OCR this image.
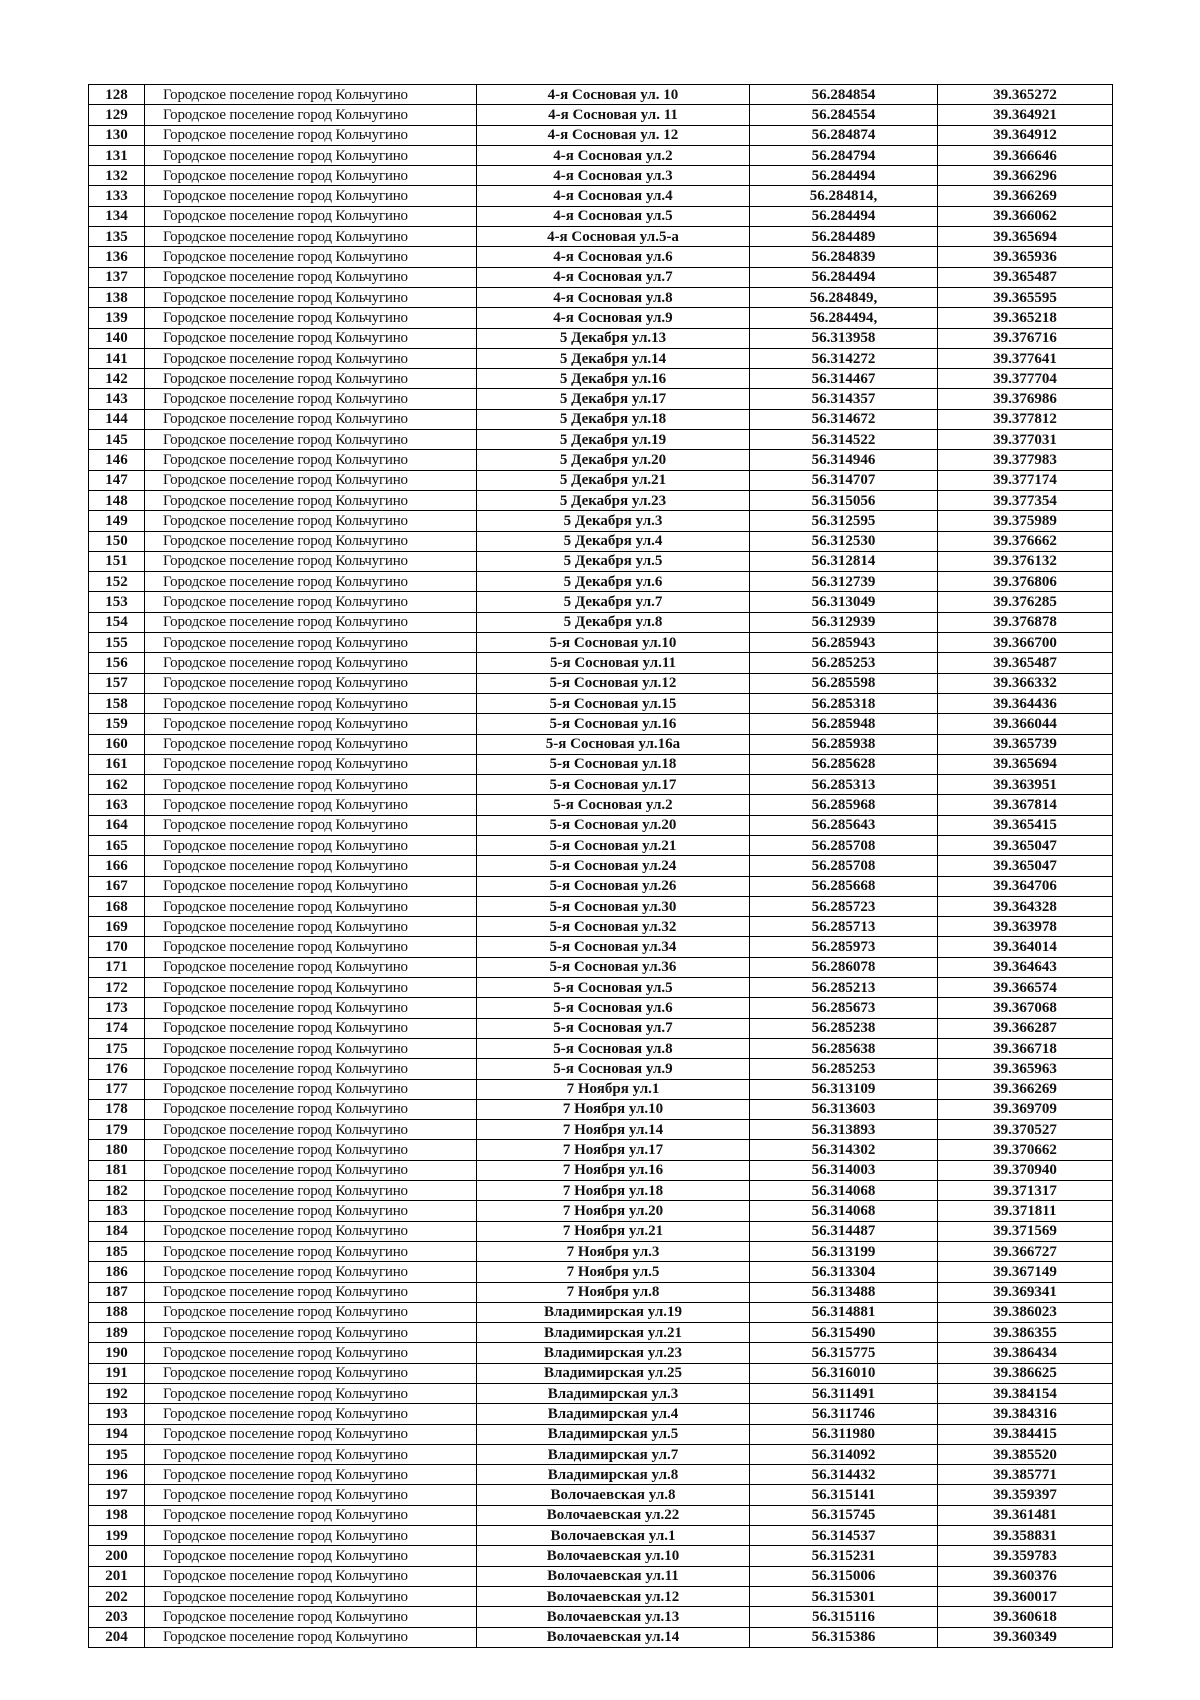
128	Городское поселение город Кольчугино	4-я Сосновая ул. 10	56.284854	39.365272
129	Городское поселение город Кольчугино	4-я Сосновая ул. 11	56.284554	39.364921
130	Городское поселение город Кольчугино	4-я Сосновая ул. 12	56.284874	39.364912
131	Городское поселение город Кольчугино	4-я Сосновая ул.2	56.284794	39.366646
132	Городское поселение город Кольчугино	4-я Сосновая ул.3	56.284494	39.366296
133	Городское поселение город Кольчугино	4-я Сосновая ул.4	56.284814,	39.366269
134	Городское поселение город Кольчугино	4-я Сосновая ул.5	56.284494	39.366062
135	Городское поселение город Кольчугино	4-я Сосновая ул.5-а	56.284489	39.365694
136	Городское поселение город Кольчугино	4-я Сосновая ул.6	56.284839	39.365936
137	Городское поселение город Кольчугино	4-я Сосновая ул.7	56.284494	39.365487
138	Городское поселение город Кольчугино	4-я Сосновая ул.8	56.284849,	39.365595
139	Городское поселение город Кольчугино	4-я Сосновая ул.9	56.284494,	39.365218
140	Городское поселение город Кольчугино	5 Декабря ул.13	56.313958	39.376716
141	Городское поселение город Кольчугино	5 Декабря ул.14	56.314272	39.377641
142	Городское поселение город Кольчугино	5 Декабря ул.16	56.314467	39.377704
143	Городское поселение город Кольчугино	5 Декабря ул.17	56.314357	39.376986
144	Городское поселение город Кольчугино	5 Декабря ул.18	56.314672	39.377812
145	Городское поселение город Кольчугино	5 Декабря ул.19	56.314522	39.377031
146	Городское поселение город Кольчугино	5 Декабря ул.20	56.314946	39.377983
147	Городское поселение город Кольчугино	5 Декабря ул.21	56.314707	39.377174
148	Городское поселение город Кольчугино	5 Декабря ул.23	56.315056	39.377354
149	Городское поселение город Кольчугино	5 Декабря ул.3	56.312595	39.375989
150	Городское поселение город Кольчугино	5 Декабря ул.4	56.312530	39.376662
151	Городское поселение город Кольчугино	5 Декабря ул.5	56.312814	39.376132
152	Городское поселение город Кольчугино	5 Декабря ул.6	56.312739	39.376806
153	Городское поселение город Кольчугино	5 Декабря ул.7	56.313049	39.376285
154	Городское поселение город Кольчугино	5 Декабря ул.8	56.312939	39.376878
155	Городское поселение город Кольчугино	5-я Сосновая ул.10	56.285943	39.366700
156	Городское поселение город Кольчугино	5-я Сосновая ул.11	56.285253	39.365487
157	Городское поселение город Кольчугино	5-я Сосновая ул.12	56.285598	39.366332
158	Городское поселение город Кольчугино	5-я Сосновая ул.15	56.285318	39.364436
159	Городское поселение город Кольчугино	5-я Сосновая ул.16	56.285948	39.366044
160	Городское поселение город Кольчугино	5-я Сосновая ул.16а	56.285938	39.365739
161	Городское поселение город Кольчугино	5-я Сосновая ул.18	56.285628	39.365694
162	Городское поселение город Кольчугино	5-я Сосновая ул.17	56.285313	39.363951
163	Городское поселение город Кольчугино	5-я Сосновая ул.2	56.285968	39.367814
164	Городское поселение город Кольчугино	5-я Сосновая ул.20	56.285643	39.365415
165	Городское поселение город Кольчугино	5-я Сосновая ул.21	56.285708	39.365047
166	Городское поселение город Кольчугино	5-я Сосновая ул.24	56.285708	39.365047
167	Городское поселение город Кольчугино	5-я Сосновая ул.26	56.285668	39.364706
168	Городское поселение город Кольчугино	5-я Сосновая ул.30	56.285723	39.364328
169	Городское поселение город Кольчугино	5-я Сосновая ул.32	56.285713	39.363978
170	Городское поселение город Кольчугино	5-я Сосновая ул.34	56.285973	39.364014
171	Городское поселение город Кольчугино	5-я Сосновая ул.36	56.286078	39.364643
172	Городское поселение город Кольчугино	5-я Сосновая ул.5	56.285213	39.366574
173	Городское поселение город Кольчугино	5-я Сосновая ул.6	56.285673	39.367068
174	Городское поселение город Кольчугино	5-я Сосновая ул.7	56.285238	39.366287
175	Городское поселение город Кольчугино	5-я Сосновая ул.8	56.285638	39.366718
176	Городское поселение город Кольчугино	5-я Сосновая ул.9	56.285253	39.365963
177	Городское поселение город Кольчугино	7 Ноября ул.1	56.313109	39.366269
178	Городское поселение город Кольчугино	7 Ноября ул.10	56.313603	39.369709
179	Городское поселение город Кольчугино	7 Ноября ул.14	56.313893	39.370527
180	Городское поселение город Кольчугино	7 Ноября ул.17	56.314302	39.370662
181	Городское поселение город Кольчугино	7 Ноября ул.16	56.314003	39.370940
182	Городское поселение город Кольчугино	7 Ноября ул.18	56.314068	39.371317
183	Городское поселение город Кольчугино	7 Ноября ул.20	56.314068	39.371811
184	Городское поселение город Кольчугино	7 Ноября ул.21	56.314487	39.371569
185	Городское поселение город Кольчугино	7 Ноября ул.3	56.313199	39.366727
186	Городское поселение город Кольчугино	7 Ноября ул.5	56.313304	39.367149
187	Городское поселение город Кольчугино	7 Ноября ул.8	56.313488	39.369341
188	Городское поселение город Кольчугино	Владимирская ул.19	56.314881	39.386023
189	Городское поселение город Кольчугино	Владимирская ул.21	56.315490	39.386355
190	Городское поселение город Кольчугино	Владимирская ул.23	56.315775	39.386434
191	Городское поселение город Кольчугино	Владимирская ул.25	56.316010	39.386625
192	Городское поселение город Кольчугино	Владимирская ул.3	56.311491	39.384154
193	Городское поселение город Кольчугино	Владимирская ул.4	56.311746	39.384316
194	Городское поселение город Кольчугино	Владимирская ул.5	56.311980	39.384415
195	Городское поселение город Кольчугино	Владимирская ул.7	56.314092	39.385520
196	Городское поселение город Кольчугино	Владимирская ул.8	56.314432	39.385771
197	Городское поселение город Кольчугино	Волочаевская ул.8	56.315141	39.359397
198	Городское поселение город Кольчугино	Волочаевская ул.22	56.315745	39.361481
199	Городское поселение город Кольчугино	Волочаевская ул.1	56.314537	39.358831
200	Городское поселение город Кольчугино	Волочаевская ул.10	56.315231	39.359783
201	Городское поселение город Кольчугино	Волочаевская ул.11	56.315006	39.360376
202	Городское поселение город Кольчугино	Волочаевская ул.12	56.315301	39.360017
203	Городское поселение город Кольчугино	Волочаевская ул.13	56.315116	39.360618
204	Городское поселение город Кольчугино	Волочаевская ул.14	56.315386	39.360349
